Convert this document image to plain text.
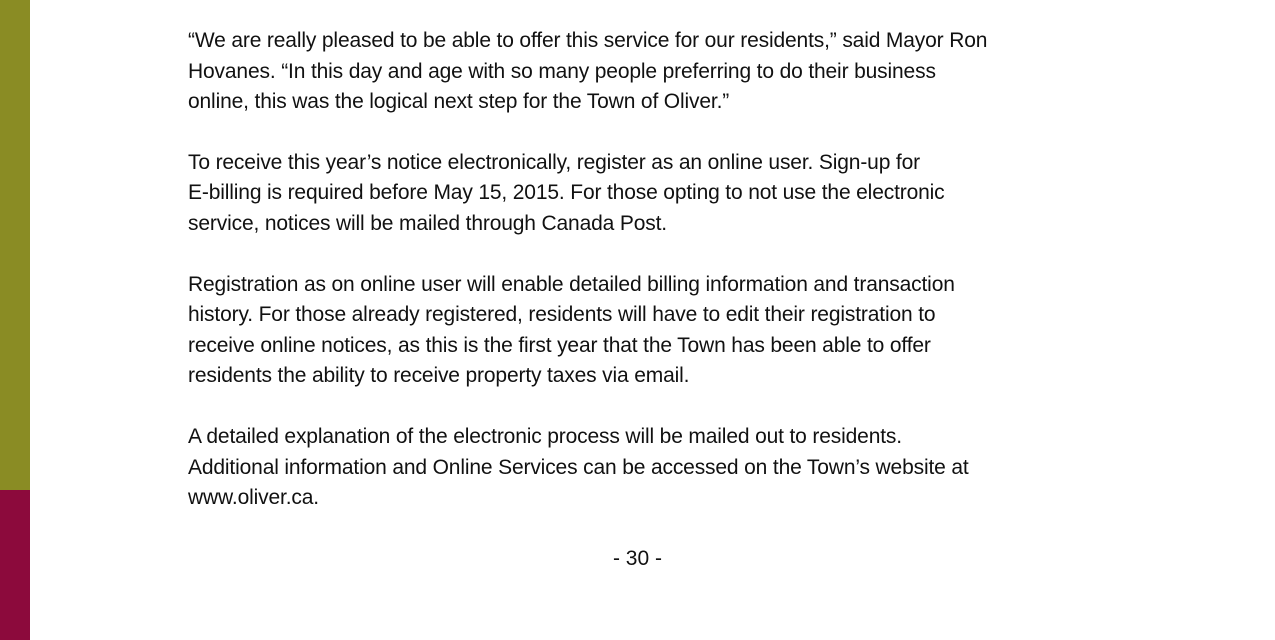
“We are really pleased to be able to offer this service for our residents,” said Mayor Ron
Hovanes. “In this day and age with so many people preferring to do their business
online, this was the logical next step for the Town of Oliver.”

To receive this year’s notice electronically, register as an online user. Sign-up for
E-billing is required before May 15, 2015. For those opting to not use the electronic
service, notices will be mailed through Canada Post.

Registration as on online user will enable detailed billing information and transaction
history. For those already registered, residents will have to edit their registration to
receive online notices, as this is the first year that the Town has been able to offer
residents the ability to receive property taxes via email.

A detailed explanation of the electronic process will be mailed out to residents.
Additional information and Online Services can be accessed on the Town’s website at
www.oliver.ca.

- 30 -
